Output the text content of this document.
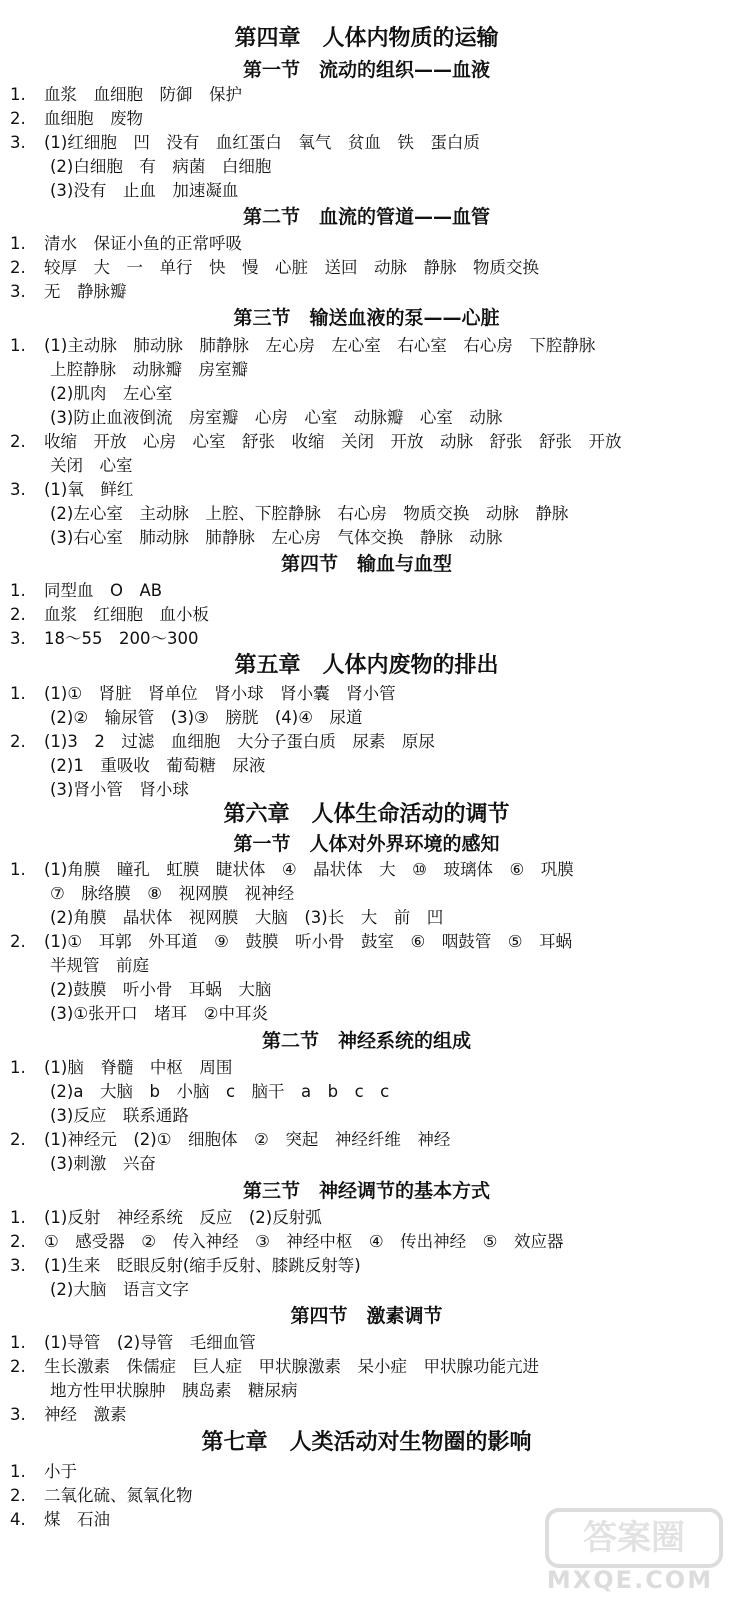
第四章　人体内物质的运输
第一节　流动的组织——血液
1. 血浆　血细胞　防御　保护
2. 血细胞　废物
3. (1)红细胞　凹　没有　血红蛋白　氧气　贫血　铁　蛋白质
(2)白细胞　有　病菌　白细胞
(3)没有　止血　加速凝血
第二节　血流的管道——血管
1. 清水　保证小鱼的正常呼吸
2. 较厚　大　一　单行　快　慢　心脏　送回　动脉　静脉　物质交换
3. 无　静脉瓣
第三节　输送血液的泵——心脏
1. (1)主动脉　肺动脉　肺静脉　左心房　左心室　右心室　右心房　下腔静脉
上腔静脉　动脉瓣　房室瓣
(2)肌肉　左心室
(3)防止血液倒流　房室瓣　心房　心室　动脉瓣　心室　动脉
2. 收缩　开放　心房　心室　舒张　收缩　关闭　开放　动脉　舒张　舒张　开放
关闭　心室
3. (1)氧　鲜红
(2)左心室　主动脉　上腔、下腔静脉　右心房　物质交换　动脉　静脉
(3)右心室　肺动脉　肺静脉　左心房　气体交换　静脉　动脉
第四节　输血与血型
1. 同型血　O　AB
2. 血浆　红细胞　血小板
3. 18～55　200～300
第五章　人体内废物的排出
1. (1)①　肾脏　肾单位　肾小球　肾小囊　肾小管
(2)②　输尿管　(3)③　膀胱　(4)④　尿道
2. (1)3　2　过滤　血细胞　大分子蛋白质　尿素　原尿
(2)1　重吸收　葡萄糖　尿液
(3)肾小管　肾小球
第六章　人体生命活动的调节
第一节　人体对外界环境的感知
1. (1)角膜　瞳孔　虹膜　睫状体　④　晶状体　大　⑩　玻璃体　⑥　巩膜
⑦　脉络膜　⑧　视网膜　视神经
(2)角膜　晶状体　视网膜　大脑　(3)长　大　前　凹
2. (1)①　耳郭　外耳道　⑨　鼓膜　听小骨　鼓室　⑥　咽鼓管　⑤　耳蜗
半规管　前庭
(2)鼓膜　听小骨　耳蜗　大脑
(3)①张开口　堵耳　②中耳炎
第二节　神经系统的组成
1. (1)脑　脊髓　中枢　周围
(2)a　大脑　b　小脑　c　脑干　a　b　c　c
(3)反应　联系通路
2. (1)神经元　(2)①　细胞体　②　突起　神经纤维　神经
(3)刺激　兴奋
第三节　神经调节的基本方式
1. (1)反射　神经系统　反应　(2)反射弧
2. ①　感受器　②　传入神经　③　神经中枢　④　传出神经　⑤　效应器
3. (1)生来　眨眼反射(缩手反射、膝跳反射等)
(2)大脑　语言文字
第四节　激素调节
1. (1)导管　(2)导管　毛细血管
2. 生长激素　侏儒症　巨人症　甲状腺激素　呆小症　甲状腺功能亢进
地方性甲状腺肿　胰岛素　糖尿病
3. 神经　激素
第七章　人类活动对生物圈的影响
1. 小于
2. 二氧化硫、氮氧化物
4. 煤　石油	答案圈
MXQE.COM
